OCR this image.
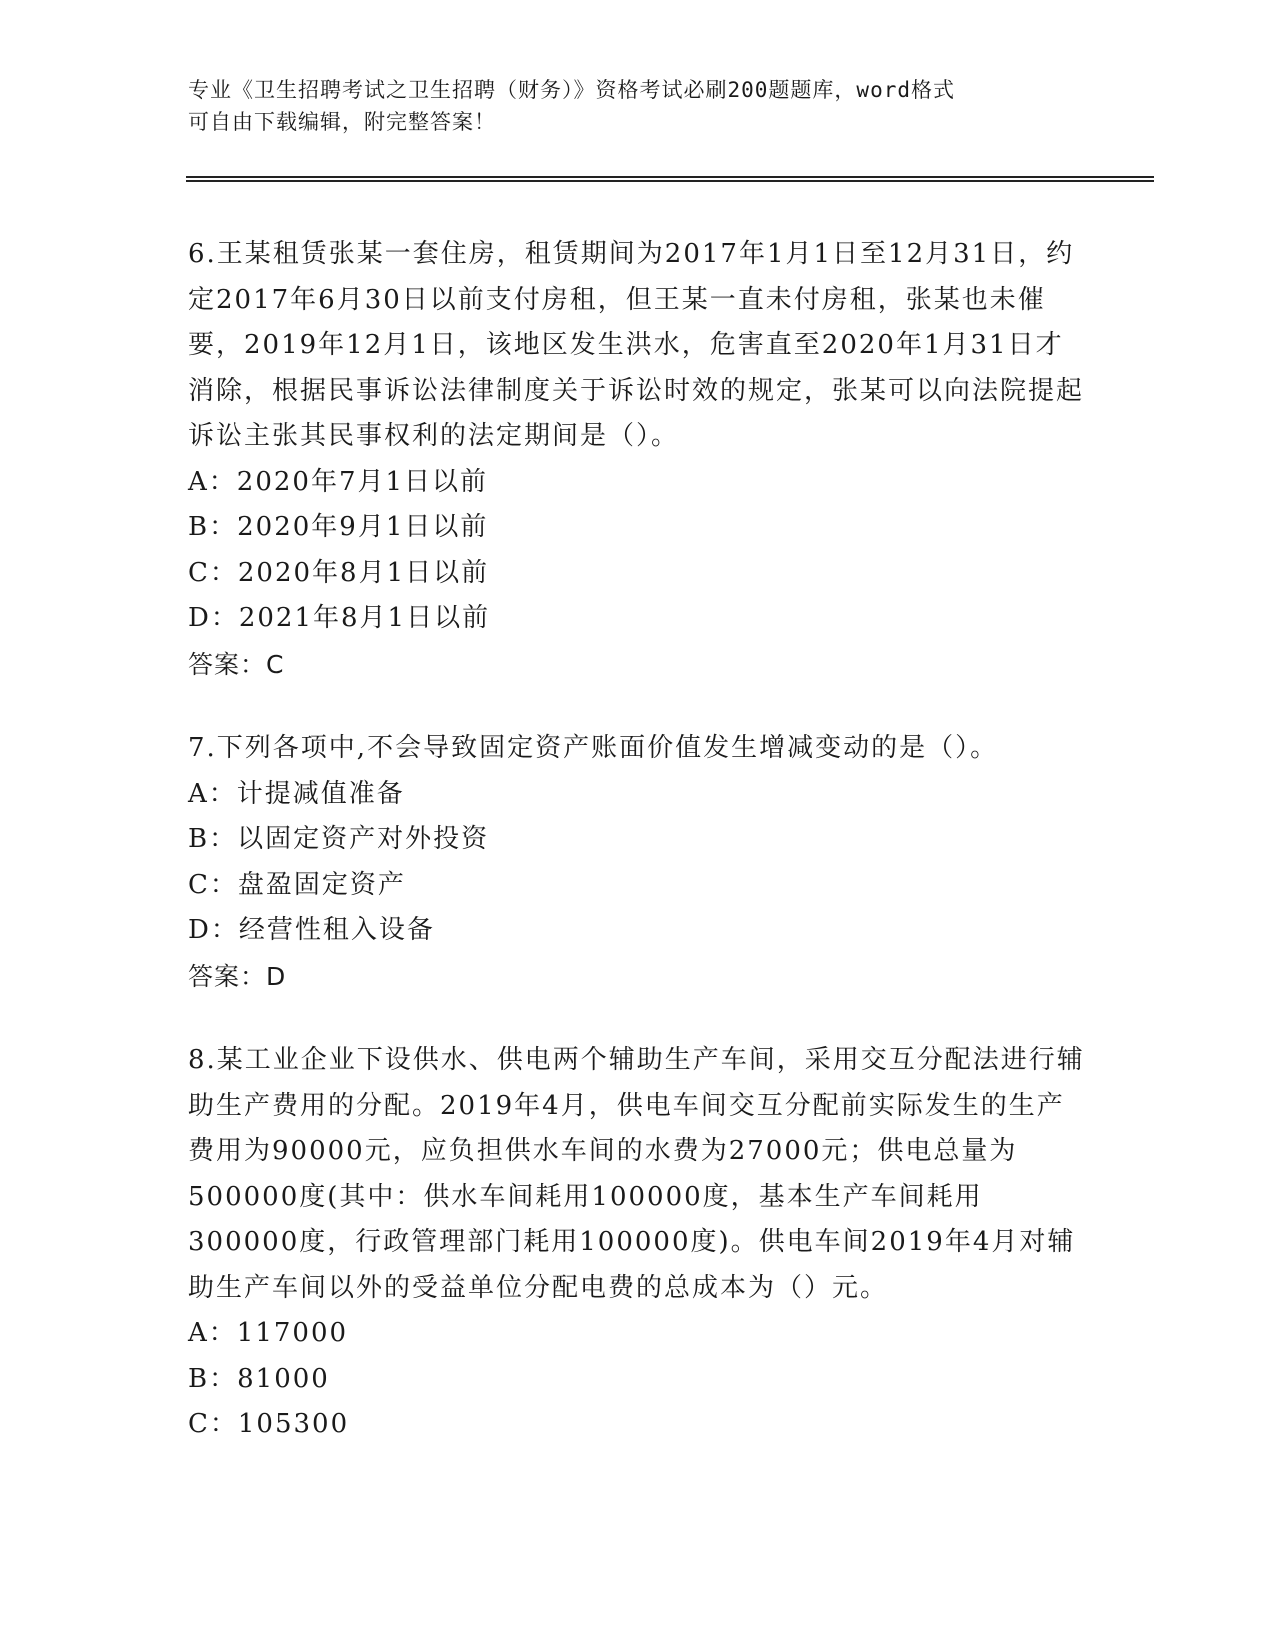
专业《卫生招聘考试之卫生招聘（财务）》资格考试必刷200题题库，word格式
可自由下载编辑，附完整答案！

6.王某租赁张某一套住房，租赁期间为2017年1月1日至12月31日，约定2017年6月30日以前支付房租，但王某一直未付房租，张某也未催要，2019年12月1日，该地区发生洪水，危害直至2020年1月31日才消除，根据民事诉讼法律制度关于诉讼时效的规定，张某可以向法院提起诉讼主张其民事权利的法定期间是（）。

A：2020年7月1日以前

B：2020年9月1日以前

C：2020年8月1日以前

D：2021年8月1日以前

答案：C

7.下列各项中,不会导致固定资产账面价值发生增减变动的是（）。

A：计提减值准备

B：以固定资产对外投资

C：盘盈固定资产

D：经营性租入设备

答案：D

8.某工业企业下设供水、供电两个辅助生产车间，采用交互分配法进行辅助生产费用的分配。2019年4月，供电车间交互分配前实际发生的生产费用为90000元，应负担供水车间的水费为27000元；供电总量为500000度(其中：供水车间耗用100000度，基本生产车间耗用300000度，行政管理部门耗用100000度)。供电车间2019年4月对辅助生产车间以外的受益单位分配电费的总成本为（）元。

A：117000

B：81000

C：105300
